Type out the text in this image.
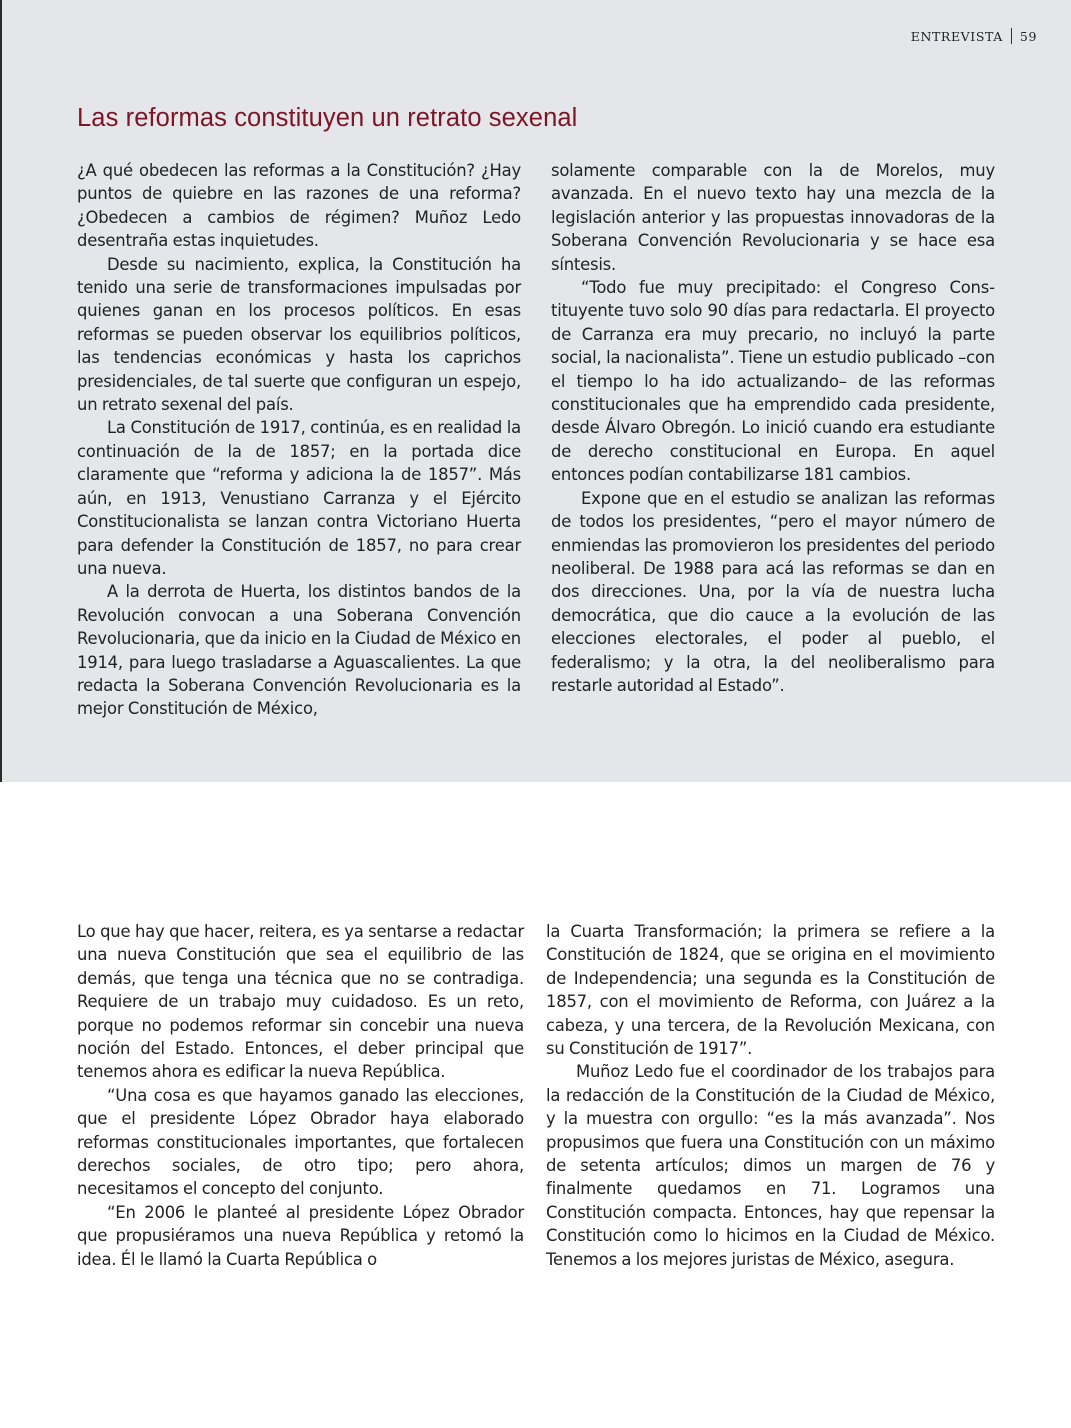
ENTREVISTA 59
Las reformas constituyen un retrato sexenal

¿A qué obedecen las reformas a la Constitución? ¿Hay puntos de quiebre en las razones de una reforma? ¿Obedecen a cambios de régimen? Muñoz Ledo desentraña estas inquietudes.

Desde su nacimiento, explica, la Constitución ha tenido una serie de transformaciones impulsadas por quienes ganan en los procesos políticos. En esas reformas se pueden observar los equilibrios políticos, las tendencias económicas y hasta los caprichos presidenciales, de tal suerte que configuran un espejo, un retrato sexenal del país.

La Constitución de 1917, continúa, es en realidad la continuación de la de 1857; en la portada dice claramente que “reforma y adiciona la de 1857”. Más aún, en 1913, Venustiano Carranza y el Ejército Constitucionalista se lanzan contra Victoriano Huerta para defender la Constitución de 1857, no para crear una nueva.

A la derrota de Huerta, los distintos bandos de la Revolución convocan a una Soberana Convención Revolucionaria, que da inicio en la Ciudad de México en 1914, para luego trasladarse a Aguascalientes. La que redacta la Soberana Convención Revolucionaria es la mejor Constitución de México,

solamente comparable con la de Morelos, muy avanzada. En el nuevo texto hay una mezcla de la legislación anterior y las propuestas innovadoras de la Soberana Convención Revolucionaria y se hace esa síntesis.

“Todo fue muy precipitado: el Congreso Constituyente tuvo solo 90 días para redactarla. El proyecto de Carranza era muy precario, no incluyó la parte social, la nacionalista”. Tiene un estudio publicado –con el tiempo lo ha ido actualizando– de las reformas constitucionales que ha emprendido cada presidente, desde Álvaro Obregón. Lo inició cuando era estudiante de derecho constitucional en Europa. En aquel entonces podían contabilizarse 181 cambios.

Expone que en el estudio se analizan las reformas de todos los presidentes, “pero el mayor número de enmiendas las promovieron los presidentes del periodo neoliberal. De 1988 para acá las reformas se dan en dos direcciones. Una, por la vía de nuestra lucha democrática, que dio cauce a la evolución de las elecciones electorales, el poder al pueblo, el federalismo; y la otra, la del neoliberalismo para restarle autoridad al Estado”.

Lo que hay que hacer, reitera, es ya sentarse a redactar una nueva Constitución que sea el equilibrio de las demás, que tenga una técnica que no se contradiga. Requiere de un trabajo muy cuidadoso. Es un reto, porque no podemos reformar sin concebir una nueva noción del Estado. Entonces, el deber principal que tenemos ahora es edificar la nueva República.

“Una cosa es que hayamos ganado las elecciones, que el presidente López Obrador haya elaborado reformas constitucionales importantes, que fortalecen derechos sociales, de otro tipo; pero ahora, necesitamos el concepto del conjunto.

“En 2006 le planteé al presidente López Obrador que propusiéramos una nueva República y retomó la idea. Él le llamó la Cuarta República o

la Cuarta Transformación; la primera se refiere a la Constitución de 1824, que se origina en el movimiento de Independencia; una segunda es la Constitución de 1857, con el movimiento de Reforma, con Juárez a la cabeza, y una tercera, de la Revolución Mexicana, con su Constitución de 1917”.

Muñoz Ledo fue el coordinador de los trabajos para la redacción de la Constitución de la Ciudad de México, y la muestra con orgullo: “es la más avanzada”. Nos propusimos que fuera una Constitución con un máximo de setenta artículos; dimos un margen de 76 y finalmente quedamos en 71. Logramos una Constitución compacta. Entonces, hay que repensar la Constitución como lo hicimos en la Ciudad de México. Tenemos a los mejores juristas de México, asegura.
